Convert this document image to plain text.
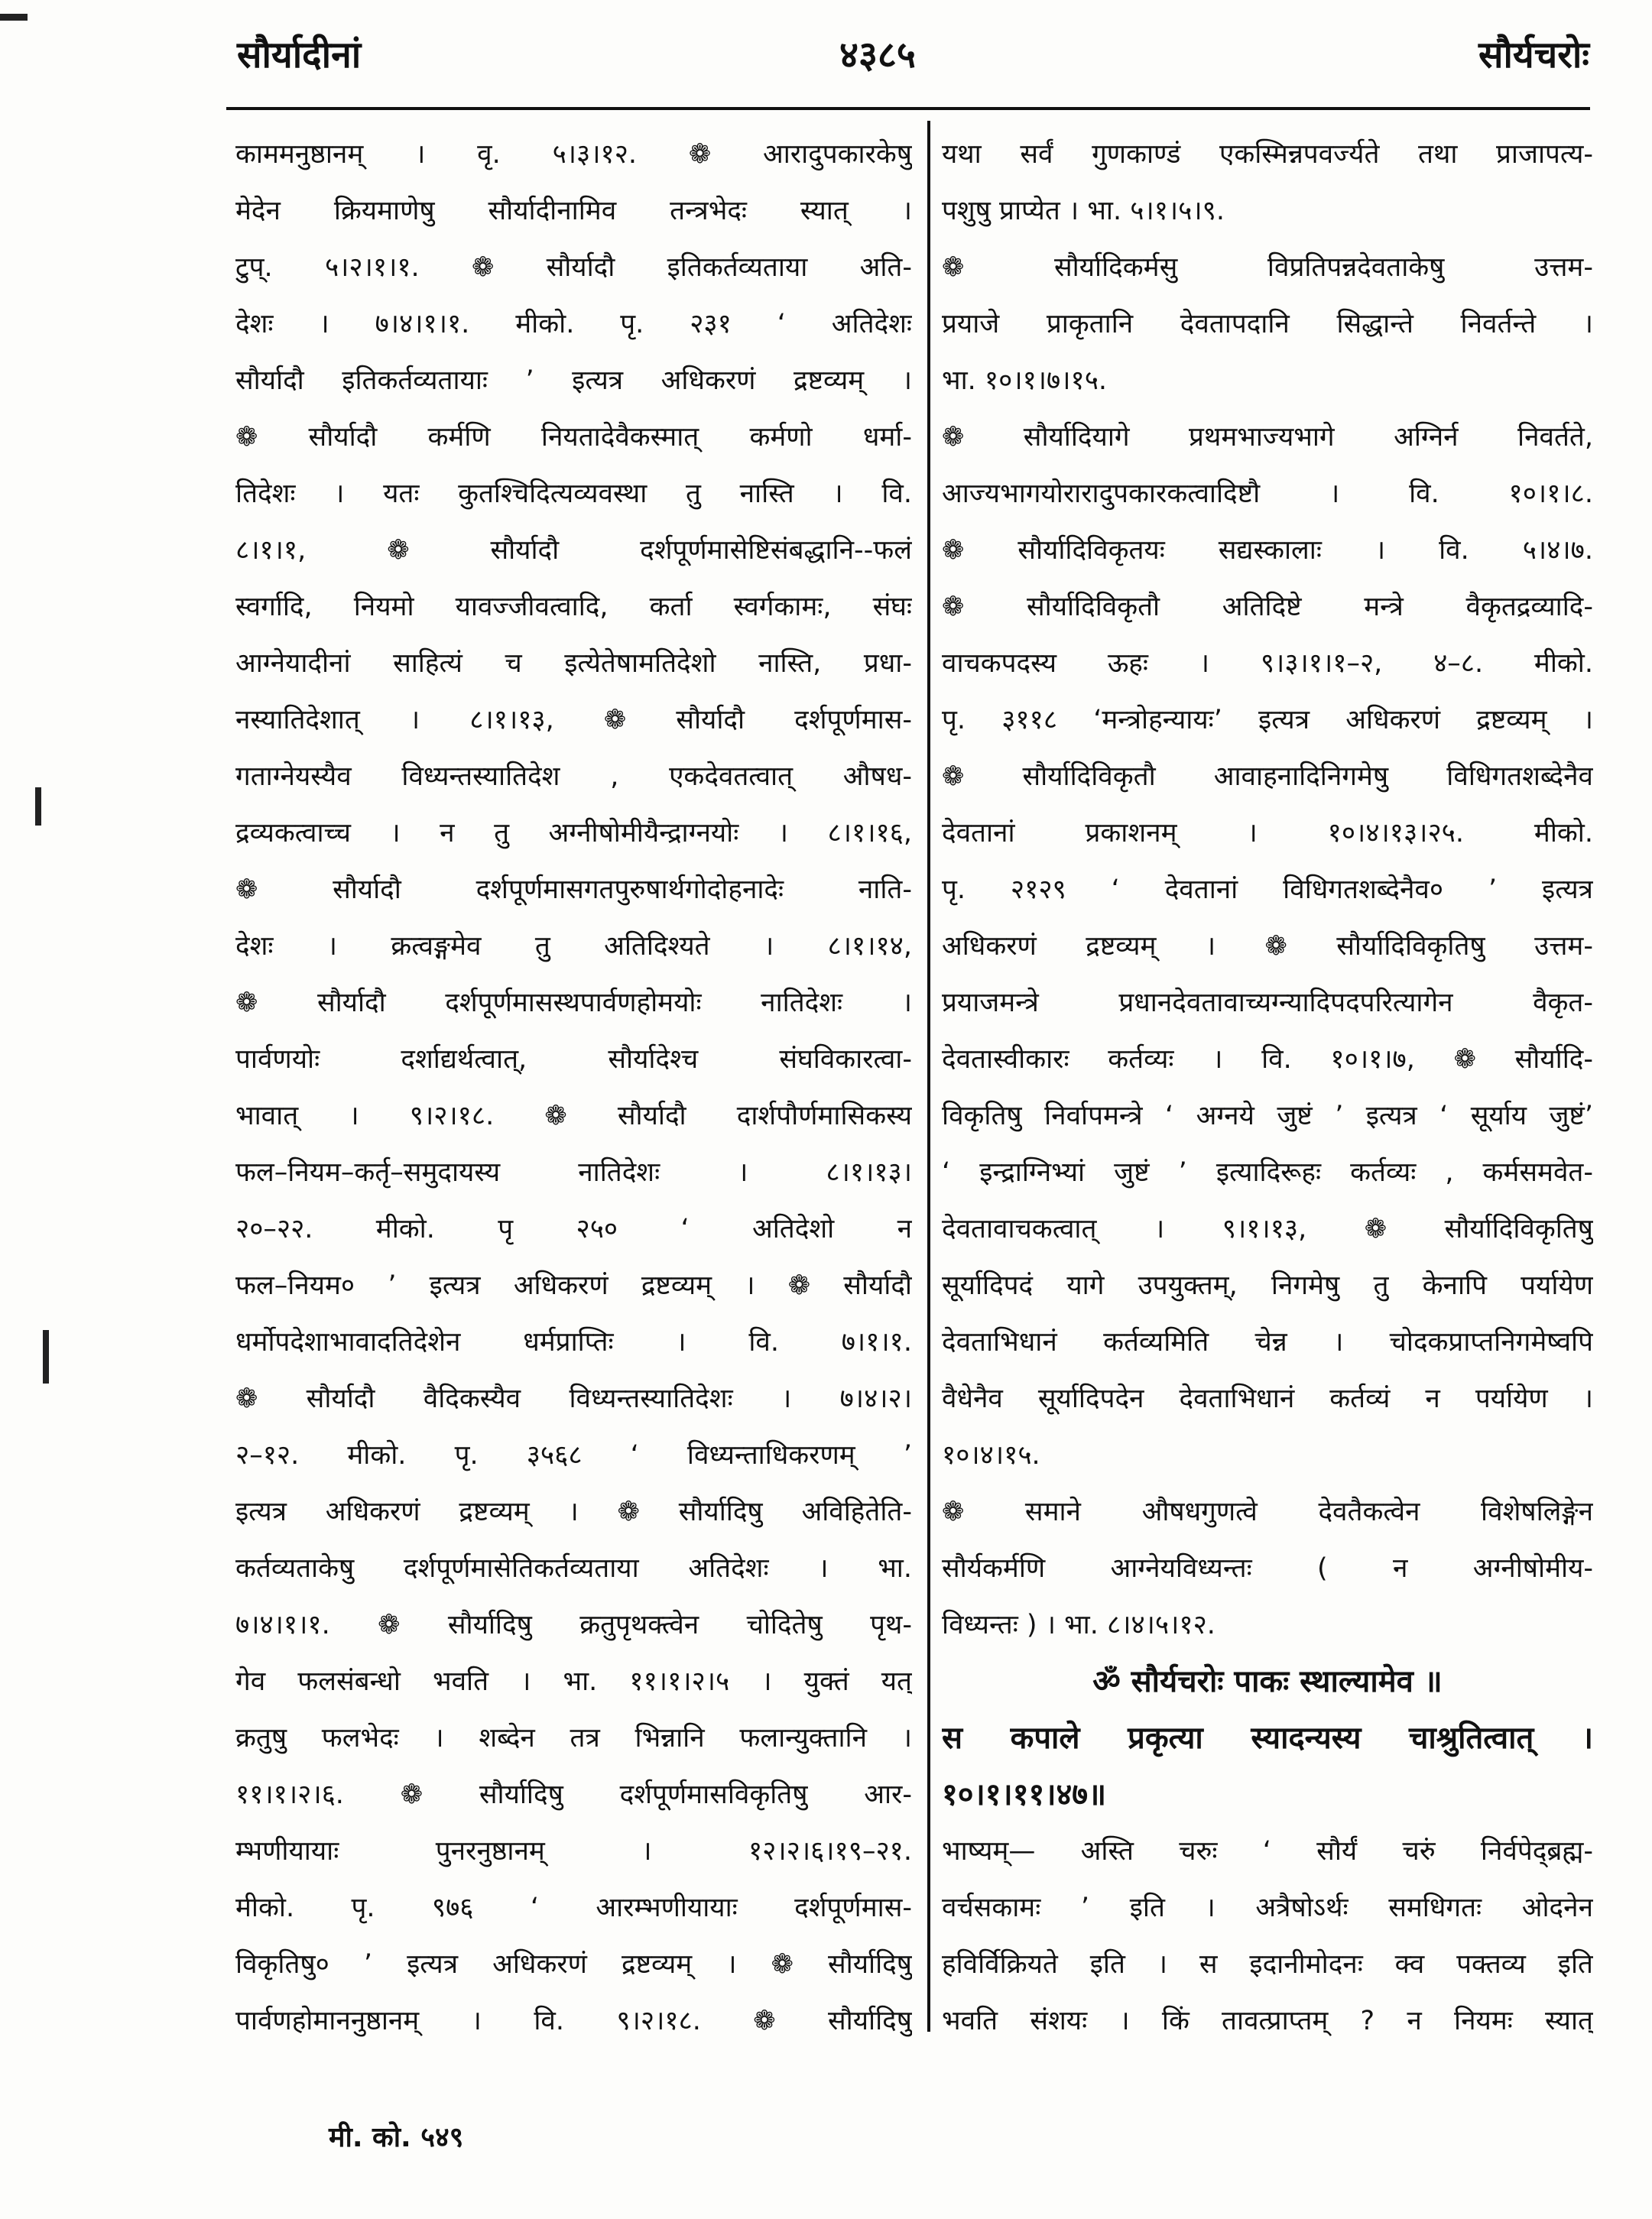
सौर्यादीनां	४३८५	सौर्यचरोः
काममनुष्ठानम् । वृ. ५।३।१२. ❁ आरादुपकारकेषु
मेदेन क्रियमाणेषु सौर्यादीनामिव तन्त्रभेदः स्यात् ।
टुप्. ५।२।१।१. ❁ सौर्यादौ इतिकर्तव्यताया अति-
देशः । ७।४।१।१. मीको. पृ. २३१ ‘ अतिदेशः
सौर्यादौ इतिकर्तव्यतायाः ’ इत्यत्र अधिकरणं द्रष्टव्यम् ।
❁ सौर्यादौ कर्मणि नियतादेवैकस्मात् कर्मणो धर्मा-
तिदेशः । यतः कुतश्चिदित्यव्यवस्था तु नास्ति । वि.
८।१।१, ❁ सौर्यादौ दर्शपूर्णमासेष्टिसंबद्धानि--फलं
स्वर्गादि, नियमो यावज्जीवत्वादि, कर्ता स्वर्गकामः, संघः
आग्नेयादीनां साहित्यं च इत्येतेषामतिदेशो नास्ति, प्रधा-
नस्यातिदेशात् । ८।१।१३, ❁ सौर्यादौ दर्शपूर्णमास-
गताग्नेयस्यैव विध्यन्तस्यातिदेश , एकदेवतत्वात् औषध-
द्रव्यकत्वाच्च । न तु अग्नीषोमीयैन्द्राग्नयोः । ८।१।१६,
❁ सौर्यादौ दर्शपूर्णमासगतपुरुषार्थगोदोहनादेः नाति-
देशः । क्रत्वङ्गमेव तु अतिदिश्यते । ८।१।१४,
❁ सौर्यादौ दर्शपूर्णमासस्थपार्वणहोमयोः नातिदेशः ।
पार्वणयोः दर्शाद्यर्थत्वात्, सौर्यादेश्च संघविकारत्वा-
भावात् । ९।२।१८. ❁ सौर्यादौ दार्शपौर्णमासिकस्य
फल–नियम–कर्तृ–समुदायस्य नातिदेशः । ८।१।१३।
२०–२२. मीको. पृ २५० ‘ अतिदेशो न
फल–नियम० ’ इत्यत्र अधिकरणं द्रष्टव्यम् । ❁ सौर्यादौ
धर्मोपदेशाभावादतिदेशेन धर्मप्राप्तिः । वि. ७।१।१.
❁ सौर्यादौ वैदिकस्यैव विध्यन्तस्यातिदेशः । ७।४।२।
२–१२. मीको. पृ. ३५६८ ‘ विध्यन्ताधिकरणम् ’
इत्यत्र अधिकरणं द्रष्टव्यम् । ❁ सौर्यादिषु अविहितेति-
कर्तव्यताकेषु दर्शपूर्णमासेतिकर्तव्यताया अतिदेशः । भा.
७।४।१।१. ❁ सौर्यादिषु क्रतुपृथक्त्वेन चोदितेषु पृथ-
गेव फलसंबन्धो भवति । भा. ११।१।२।५ । युक्तं यत्
क्रतुषु फलभेदः । शब्देन तत्र भिन्नानि फलान्युक्तानि ।
११।१।२।६. ❁ सौर्यादिषु दर्शपूर्णमासविकृतिषु आर-
म्भणीयायाः पुनरनुष्ठानम् । १२।२।६।१९–२१.
मीको. पृ. ९७६ ‘ आरम्भणीयायाः दर्शपूर्णमास-
विकृतिषु० ’ इत्यत्र अधिकरणं द्रष्टव्यम् । ❁ सौर्यादिषु
पार्वणहोमाननुष्ठानम् । वि. ९।२।१८. ❁ सौर्यादिषु
यथा सर्वं गुणकाण्डं एकस्मिन्नपवर्ज्यते तथा प्राजापत्य-
पशुषु प्राप्येत । भा. ५।१।५।९.
❁ सौर्यादिकर्मसु विप्रतिपन्नदेवताकेषु उत्तम-
प्रयाजे प्राकृतानि देवतापदानि सिद्धान्ते निवर्तन्ते ।
भा. १०।१।७।१५.
❁ सौर्यादियागे प्रथमभाज्यभागे अग्निर्न निवर्तते,
आज्यभागयोरारादुपकारकत्वादिष्टौ । वि. १०।१।८.
❁ सौर्यादिविकृतयः सद्यस्कालाः । वि. ५।४।७.
❁ सौर्यादिविकृतौ अतिदिष्टे मन्त्रे वैकृतद्रव्यादि-
वाचकपदस्य ऊहः । ९।३।१।१–२, ४–८. मीको.
पृ. ३११८ ‘मन्त्रोहन्यायः’ इत्यत्र अधिकरणं द्रष्टव्यम् ।
❁ सौर्यादिविकृतौ आवाहनादिनिगमेषु विधिगतशब्देनैव
देवतानां प्रकाशनम् । १०।४।१३।२५. मीको.
पृ. २१२९ ‘ देवतानां विधिगतशब्देनैव० ’ इत्यत्र
अधिकरणं द्रष्टव्यम् । ❁ सौर्यादिविकृतिषु उत्तम-
प्रयाजमन्त्रे प्रधानदेवतावाच्यग्न्यादिपदपरित्यागेन वैकृत-
देवतास्वीकारः कर्तव्यः । वि. १०।१।७, ❁ सौर्यादि-
विकृतिषु निर्वापमन्त्रे ‘ अग्नये जुष्टं ’ इत्यत्र ‘ सूर्याय जुष्टं’
‘ इन्द्राग्निभ्यां जुष्टं ’ इत्यादिरूहः कर्तव्यः , कर्मसमवेत-
देवतावाचकत्वात् । ९।१।१३, ❁ सौर्यादिविकृतिषु
सूर्यादिपदं यागे उपयुक्तम्, निगमेषु तु केनापि पर्यायेण
देवताभिधानं कर्तव्यमिति चेन्न । चोदकप्राप्तनिगमेष्वपि
वैधेनैव सूर्यादिपदेन देवताभिधानं कर्तव्यं न पर्यायेण ।
१०।४।१५.
❁ समाने औषधगुणत्वे देवतैकत्वेन विशेषलिङ्गेन
सौर्यकर्मणि आग्नेयविध्यन्तः ( न अग्नीषोमीय-
विध्यन्तः ) । भा. ८।४।५।१२.
ॐ सौर्यचरोः पाकः स्थाल्यामेव ॥
स कपाले प्रकृत्या स्यादन्यस्य चाश्रुतित्वात् ।
१०।१।११।४७॥
भाष्यम्— अस्ति चरुः ‘ सौर्यं चरुं निर्वपेद्ब्रह्म-
वर्चसकामः ’ इति । अत्रैषोऽर्थः समधिगतः ओदनेन
हविर्विक्रियते इति । स इदानीमोदनः क्व पक्तव्य इति
भवति संशयः । किं तावत्प्राप्तम् ? न नियमः स्यात्
मी. को. ५४९
